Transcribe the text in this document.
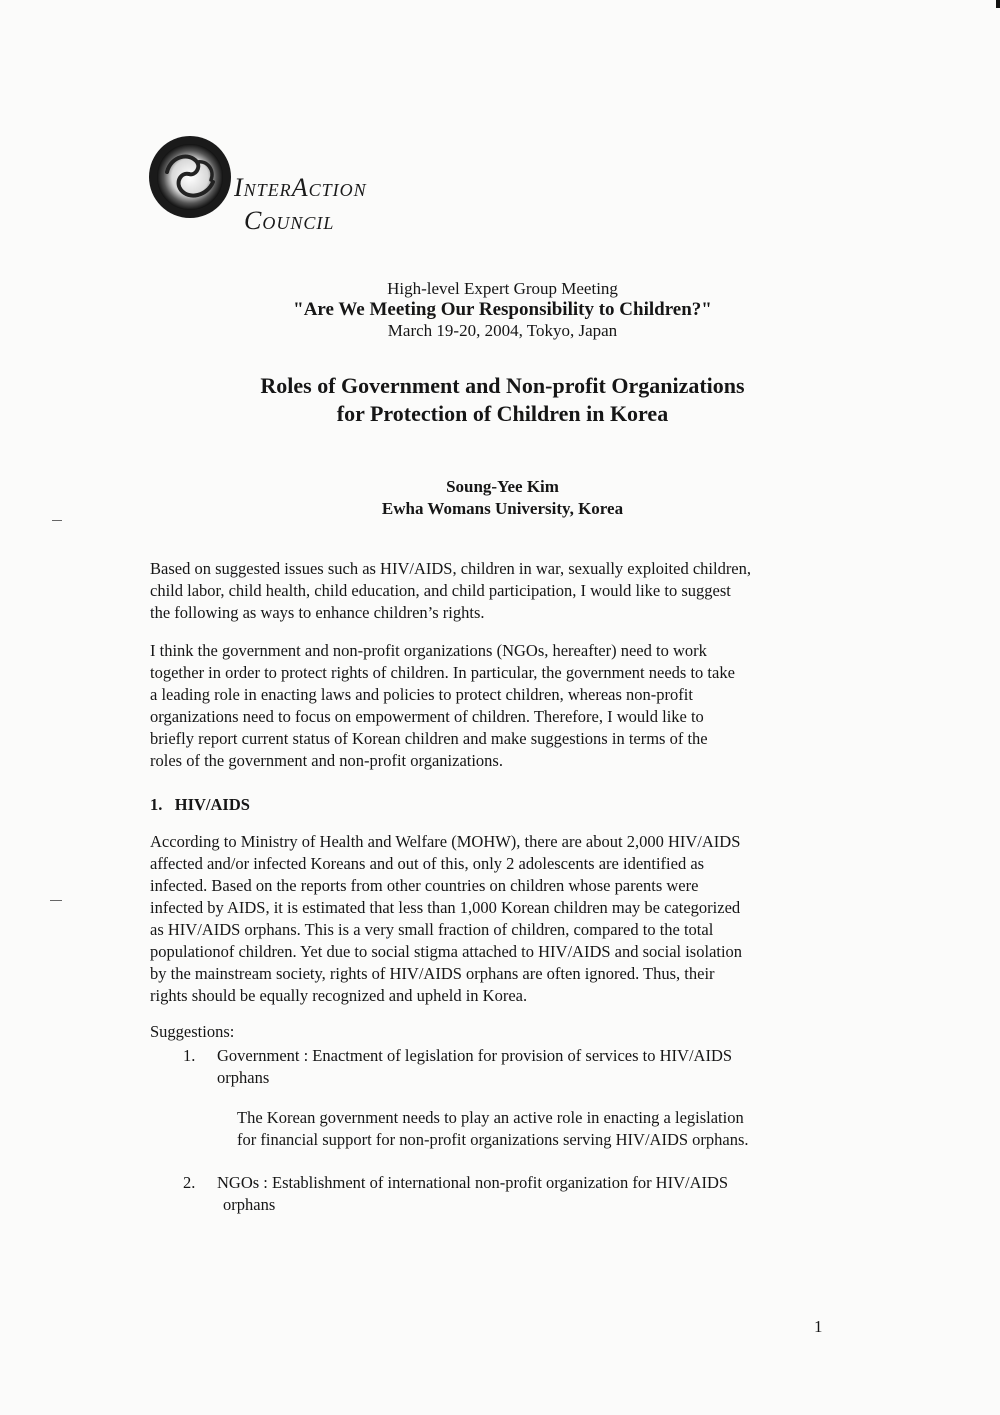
INTERACTION
COUNCIL
High-level Expert Group Meeting
"Are We Meeting Our Responsibility to Children?"
March 19-20, 2004, Tokyo, Japan
Roles of Government and Non-profit Organizations
for Protection of Children in Korea
Soung-Yee Kim
Ewha Womans University, Korea
Based on suggested issues such as HIV/AIDS, children in war, sexually exploited children,
child labor, child health, child education, and child participation, I would like to suggest
the following as ways to enhance children’s rights.
I think the government and non-profit organizations (NGOs, hereafter) need to work
together in order to protect rights of children. In particular, the government needs to take
a leading role in enacting laws and policies to protect children, whereas non-profit
organizations need to focus on empowerment of children. Therefore, I would like to
briefly report current status of Korean children and make suggestions in terms of the
roles of the government and non-profit organizations.
1.   HIV/AIDS
According to Ministry of Health and Welfare (MOHW), there are about 2,000 HIV/AIDS
affected and/or infected Koreans and out of this, only 2 adolescents are identified as
infected. Based on the reports from other countries on children whose parents were
infected by AIDS, it is estimated that less than 1,000 Korean children may be categorized
as HIV/AIDS orphans. This is a very small fraction of children, compared to the total
populationof children. Yet due to social stigma attached to HIV/AIDS and social isolation
by the mainstream society, rights of HIV/AIDS orphans are often ignored. Thus, their
rights should be equally recognized and upheld in Korea.
Suggestions:
1. Government : Enactment of legislation for provision of services to HIV/AIDS
orphans
The Korean government needs to play an active role in enacting a legislation
for financial support for non-profit organizations serving HIV/AIDS orphans.
2. NGOs : Establishment of international non-profit organization for HIV/AIDS
orphans
1
